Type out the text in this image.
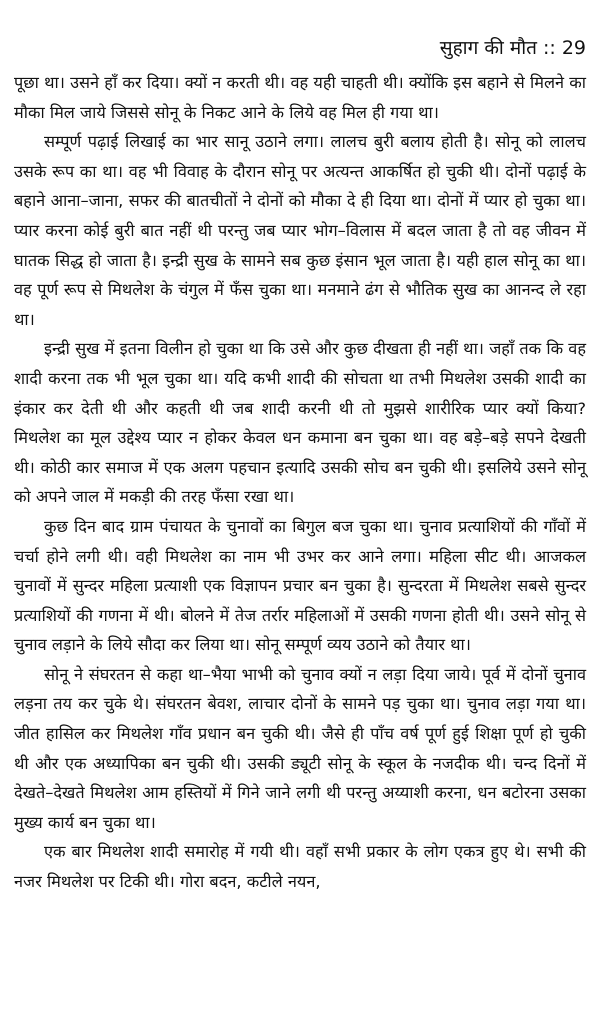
सुहाग की मौत :: 29

पूछा था। उसने हाँ कर दिया। क्यों न करती थी। वह यही चाहती थी। क्योंकि इस बहाने से मिलने का मौका मिल जाये जिससे सोनू के निकट आने के लिये वह मिल ही गया था।

सम्पूर्ण पढ़ाई लिखाई का भार सानू उठाने लगा। लालच बुरी बलाय होती है। सोनू को लालच उसके रूप का था। वह भी विवाह के दौरान सोनू पर अत्यन्त आकर्षित हो चुकी थी। दोनों पढ़ाई के बहाने आना–जाना, सफर की बातचीतों ने दोनों को मौका दे ही दिया था। दोनों में प्यार हो चुका था। प्यार करना कोई बुरी बात नहीं थी परन्तु जब प्यार भोग–विलास में बदल जाता है तो वह जीवन में घातक सिद्ध हो जाता है। इन्द्री सुख के सामने सब कुछ इंसान भूल जाता है। यही हाल सोनू का था। वह पूर्ण रूप से मिथलेश के चंगुल में फँस चुका था। मनमाने ढंग से भौतिक सुख का आनन्द ले रहा था।

इन्द्री सुख में इतना विलीन हो चुका था कि उसे और कुछ दीखता ही नहीं था। जहाँ तक कि वह शादी करना तक भी भूल चुका था। यदि कभी शादी की सोचता था तभी मिथलेश उसकी शादी का इंकार कर देती थी और कहती थी जब शादी करनी थी तो मुझसे शारीरिक प्यार क्यों किया? मिथलेश का मूल उद्देश्य प्यार न होकर केवल धन कमाना बन चुका था। वह बड़े–बड़े सपने देखती थी। कोठी कार समाज में एक अलग पहचान इत्यादि उसकी सोच बन चुकी थी। इसलिये उसने सोनू को अपने जाल में मकड़ी की तरह फँसा रखा था।

कुछ दिन बाद ग्राम पंचायत के चुनावों का बिगुल बज चुका था। चुनाव प्रत्याशियों की गाँवों में चर्चा होने लगी थी। वही मिथलेश का नाम भी उभर कर आने लगा। महिला सीट थी। आजकल चुनावों में सुन्दर महिला प्रत्याशी एक विज्ञापन प्रचार बन चुका है। सुन्दरता में मिथलेश सबसे सुन्दर प्रत्याशियों की गणना में थी। बोलने में तेज तर्रार महिलाओं में उसकी गणना होती थी। उसने सोनू से चुनाव लड़ाने के लिये सौदा कर लिया था। सोनू सम्पूर्ण व्यय उठाने को तैयार था।

सोनू ने संघरतन से कहा था–भैया भाभी को चुनाव क्यों न लड़ा दिया जाये। पूर्व में दोनों चुनाव लड़ना तय कर चुके थे। संघरतन बेवश, लाचार दोनों के सामने पड़ चुका था। चुनाव लड़ा गया था। जीत हासिल कर मिथलेश गाँव प्रधान बन चुकी थी। जैसे ही पाँच वर्ष पूर्ण हुई शिक्षा पूर्ण हो चुकी थी और एक अध्यापिका बन चुकी थी। उसकी ड्यूटी सोनू के स्कूल के नजदीक थी। चन्द दिनों में देखते–देखते मिथलेश आम हस्तियों में गिने जाने लगी थी परन्तु अय्याशी करना, धन बटोरना उसका मुख्य कार्य बन चुका था।

एक बार मिथलेश शादी समारोह में गयी थी। वहाँ सभी प्रकार के लोग एकत्र हुए थे। सभी की नजर मिथलेश पर टिकी थी। गोरा बदन, कटीले नयन,
